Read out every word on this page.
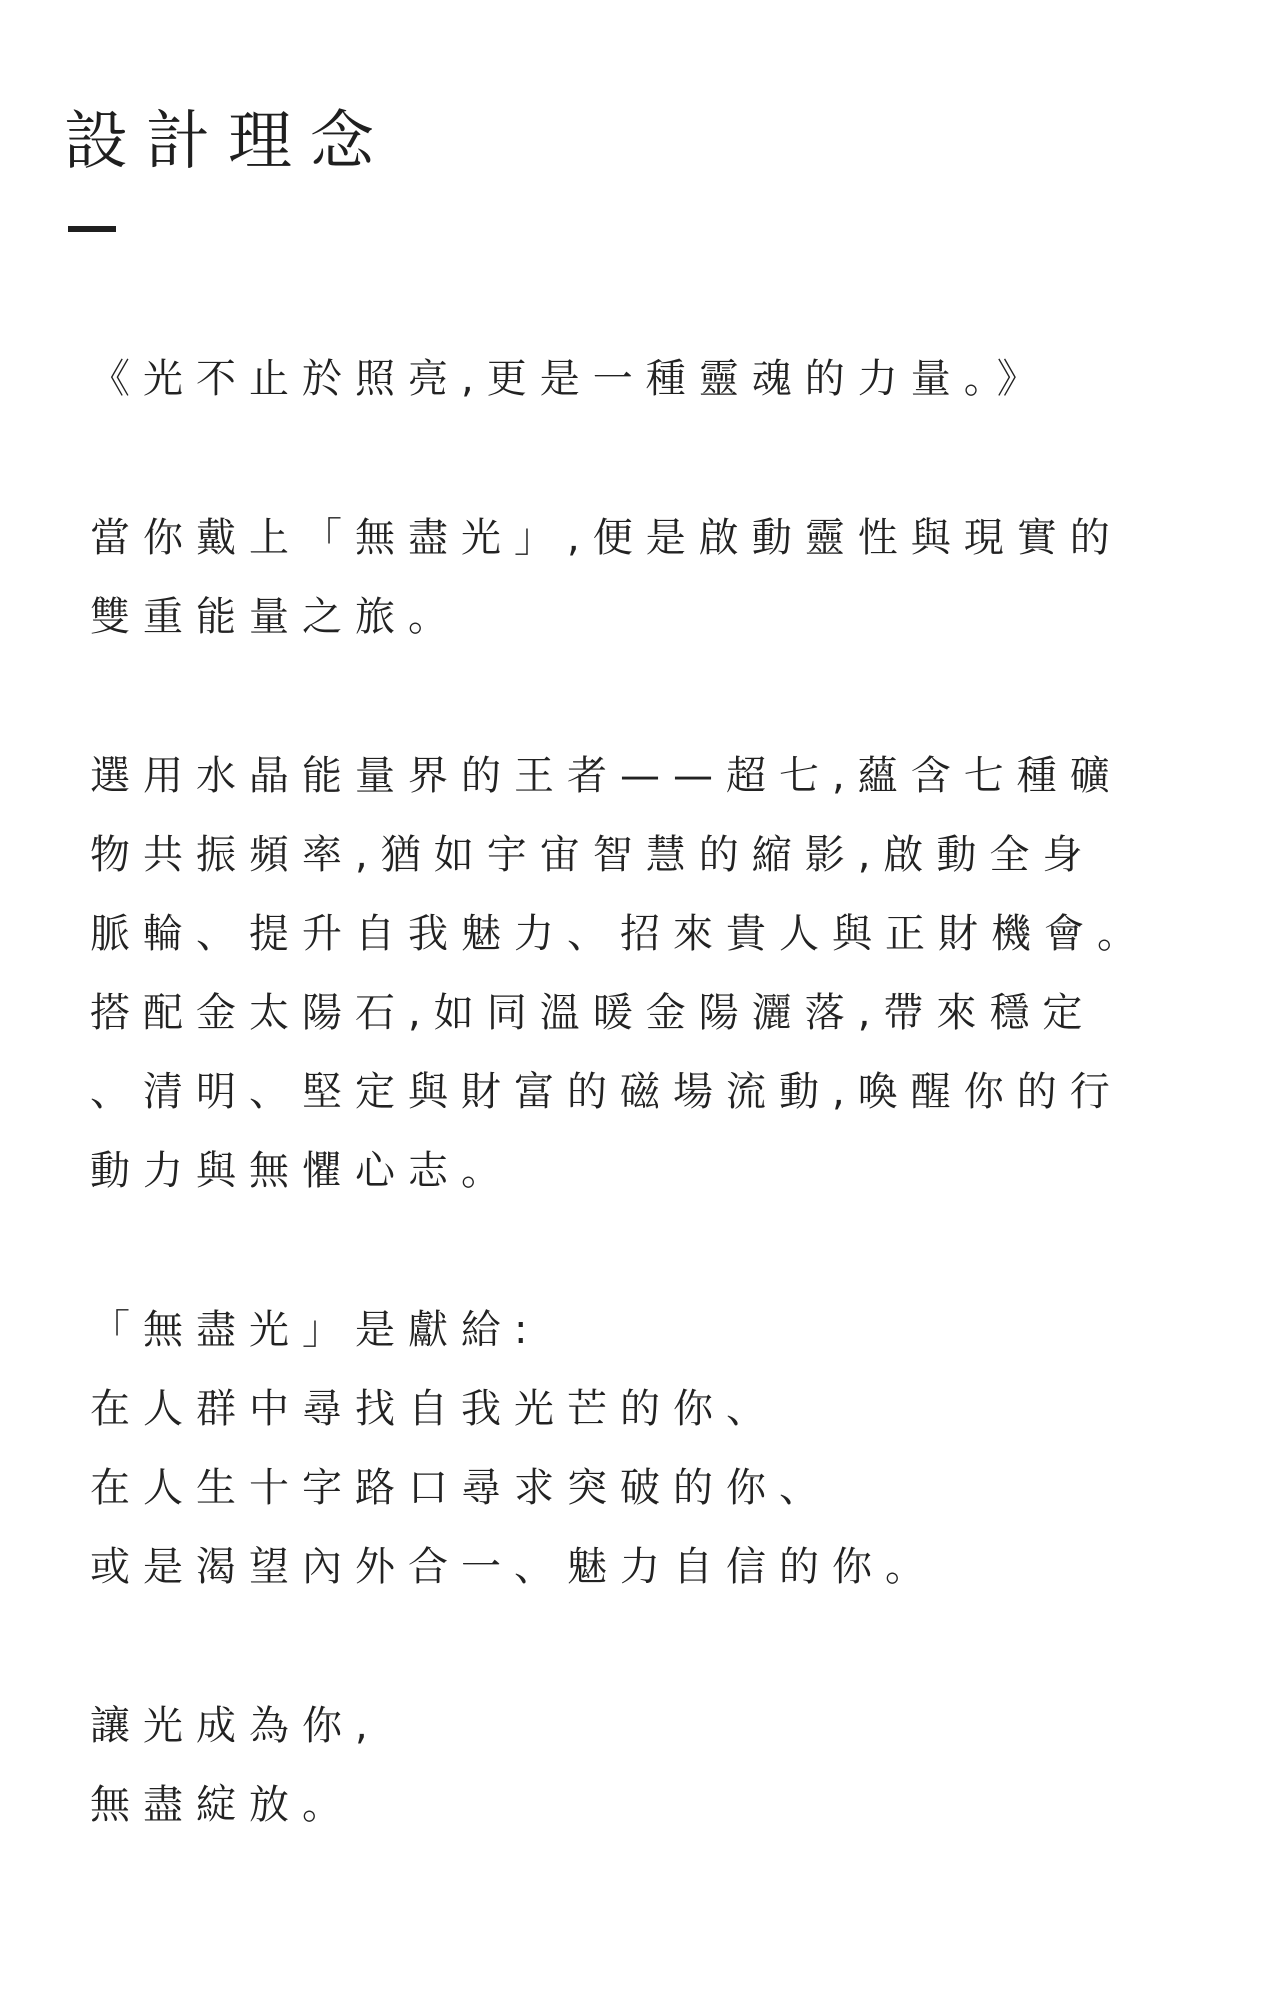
設計理念
《光不止於照亮,更是一種靈魂的力量。》
當你戴上「無盡光」,便是啟動靈性與現實的
雙重能量之旅。
選用水晶能量界的王者——超七,蘊含七種礦
物共振頻率,猶如宇宙智慧的縮影,啟動全身
脈輪、提升自我魅力、招來貴人與正財機會。
搭配金太陽石,如同溫暖金陽灑落,帶來穩定
、清明、堅定與財富的磁場流動,喚醒你的行
動力與無懼心志。
「無盡光」是獻給:
在人群中尋找自我光芒的你、
在人生十字路口尋求突破的你、
或是渴望內外合一、魅力自信的你。
讓光成為你,
無盡綻放。
